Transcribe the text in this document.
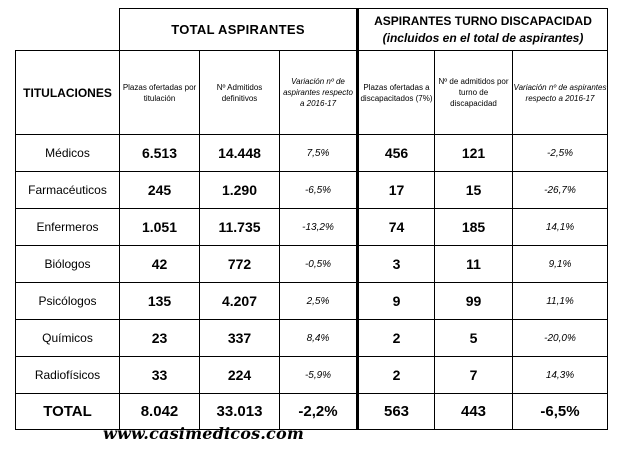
	TOTAL ASPIRANTES			ASPIRANTES TURNO DISCAPACIDAD
(incluidos en el total de aspirantes)		

TITULACIONES	Plazas ofertadas por titulación	Nº Admitidos definitivos	Variación nº de aspirantes respecto a 2016-17	Plazas ofertadas a discapacitados (7%)	Nº de admitidos por turno de discapacidad	Variación nº de aspirantes respecto a 2016-17
Médicos	6.513	14.448	7,5%	456	121	-2,5%
Farmacéuticos	245	1.290	-6,5%	17	15	-26,7%
Enfermeros	1.051	11.735	-13,2%	74	185	14,1%
Biólogos	42	772	-0,5%	3	11	9,1%
Psicólogos	135	4.207	2,5%	9	99	11,1%
Químicos	23	337	8,4%	2	5	-20,0%
Radiofísicos	33	224	-5,9%	2	7	14,3%
TOTAL	8.042	33.013	-2,2%	563	443	-6,5%
www.casimedicos.com
